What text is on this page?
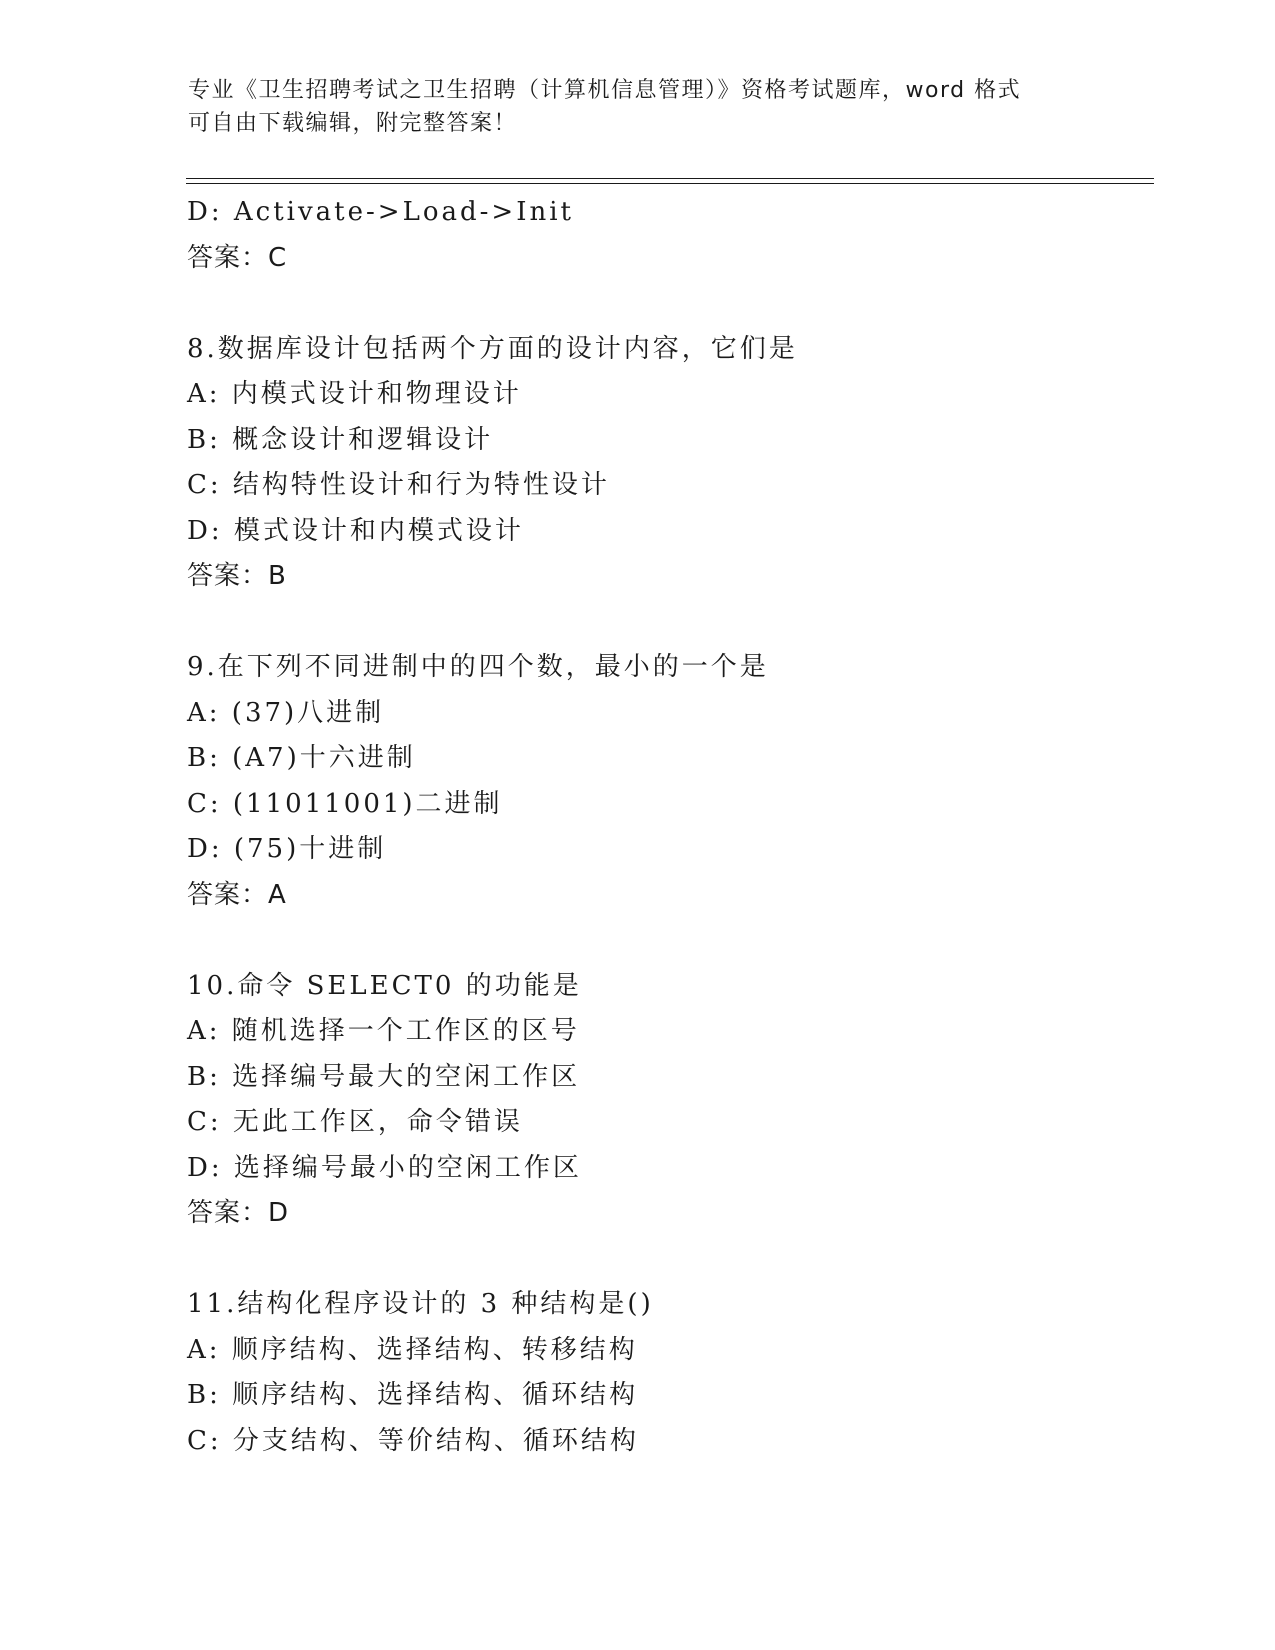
专业《卫生招聘考试之卫生招聘（计算机信息管理）》资格考试题库，word 格式
可自由下载编辑，附完整答案！
D: Activate->Load->Init
答案：C
8.数据库设计包括两个方面的设计内容，它们是
A: 内模式设计和物理设计
B: 概念设计和逻辑设计
C: 结构特性设计和行为特性设计
D: 模式设计和内模式设计
答案：B
9.在下列不同进制中的四个数，最小的一个是
A: (37)八进制
B: (A7)十六进制
C: (11011001)二进制
D: (75)十进制
答案：A
10.命令 SELECT0 的功能是
A: 随机选择一个工作区的区号
B: 选择编号最大的空闲工作区
C: 无此工作区，命令错误
D: 选择编号最小的空闲工作区
答案：D
11.结构化程序设计的 3 种结构是()
A: 顺序结构、选择结构、转移结构
B: 顺序结构、选择结构、循环结构
C: 分支结构、等价结构、循环结构
